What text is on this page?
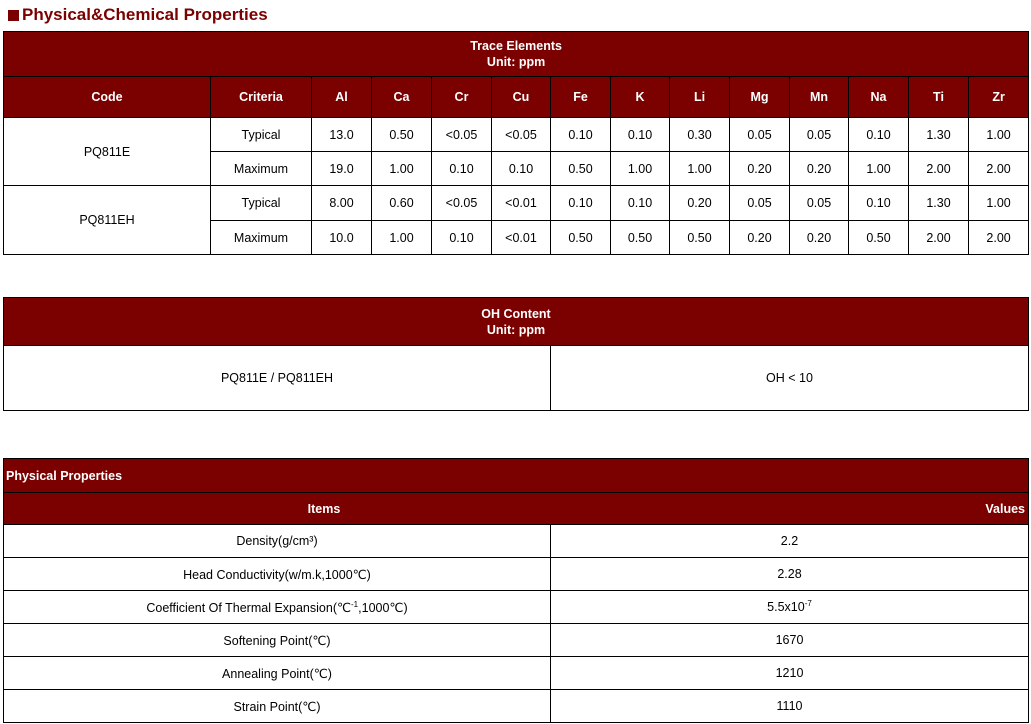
Physical&Chemical Properties
Trace Elements
Unit: ppm													

Code	Criteria	Al	Ca	Cr	Cu	Fe	K	Li	Mg	Mn	Na	Ti	Zr
PQ811E	Typical	13.0	0.50	<0.05	<0.05	0.10	0.10	0.30	0.05	0.05	0.10	1.30	1.00
	Maximum	19.0	1.00	0.10	0.10	0.50	1.00	1.00	0.20	0.20	1.00	2.00	2.00
PQ811EH	Typical	8.00	0.60	<0.05	<0.01	0.10	0.10	0.20	0.05	0.05	0.10	1.30	1.00
	Maximum	10.0	1.00	0.10	<0.01	0.50	0.50	0.50	0.20	0.20	0.50	2.00	2.00
OH Content
Unit: ppm

PQ811E / PQ811EH	OH < 10
Physical Properties	

Items Values	

Density(g/cm³)	2.2
Head Conductivity(w/m.k,1000℃)	2.28
Coefficient Of Thermal Expansion(℃$^{-1}$,1000℃)	$5.5x10^{-7}$
Softening Point(℃)	1670
Annealing Point(℃)	1210
Strain Point(℃)	1110
